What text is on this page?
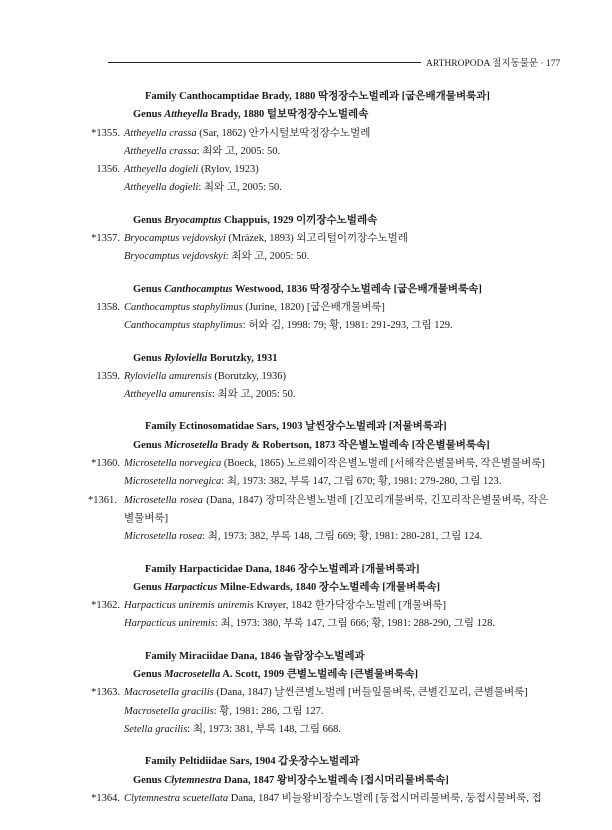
ARTHROPODA 절지동물문 · 177
Family Canthocamptidae Brady, 1880 딱정장수노벌레과 [굽은배개물벼룩과]
Genus Attheyella Brady, 1880 털보딱정장수노벌레속
*1355. Attheyella crassa (Sar, 1862) 안가시털보딱정장수노벌레
Attheyella crassa: 최와 고, 2005: 50.
1356. Attheyella dogieli (Rylov, 1923)
Attheyella dogieli: 최와 고, 2005: 50.
Genus Bryocamptus Chappuis, 1929 이끼장수노벌레속
*1357. Bryocamptus vejdovskyi (Mrázek, 1893) 외고리털이끼장수노벌레
Bryocamptus vejdovskyi: 최와 고, 2005: 50.
Genus Canthocamptus Westwood, 1836 딱정장수노벌레속 [굽은배개물벼룩속]
1358. Canthocamptus staphylimus (Jurine, 1820) [굽은배개물벼룩]
Canthocamptus staphylimus: 허와 김, 1998: 79; 황, 1981: 291-293, 그림 129.
Genus Ryloviella Borutzky, 1931
1359. Ryloviella amurensis (Borutzky, 1936)
Attheyella amurensis: 최와 고, 2005: 50.
Family Ectinosomatidae Sars, 1903 날씬장수노벌레과 [저물벼룩과]
Genus Microsetella Brady & Robertson, 1873 작은별노벌레속 [작은별물벼룩속]
*1360. Microsetella norvegica (Boeck, 1865) 노르웨이작은별노벌레 [서해작은별물벼룩, 작은별물벼룩]
Microsetella norvegica: 최, 1973: 382, 부록 147, 그림 670; 황, 1981: 279-280, 그림 123.
*1361. Microsetella rosea (Dana, 1847) 장미작은별노벌레 [긴꼬리개물벼룩, 긴꼬리작은별물벼룩, 작은별물벼룩]
Microsetella rosea: 최, 1973: 382, 부록 148, 그림 669; 황, 1981: 280-281, 그림 124.
Family Harpacticidae Dana, 1846 장수노벌레과 [개물벼룩과]
Genus Harpacticus Milne-Edwards, 1840 장수노벌레속 [개물벼룩속]
*1362. Harpacticus uniremis uniremis Krøyer, 1842 한가닥장수노벌레 [개물벼룩]
Harpacticus uniremis: 최, 1973: 380, 부록 147, 그림 666; 황, 1981: 288-290, 그림 128.
Family Miraciidae Dana, 1846 놀람장수노벌레과
Genus Macrosetella A. Scott, 1909 큰별노벌레속 [큰별물벼룩속]
*1363. Macrosetella gracilis (Dana, 1847) 날씬큰별노벌레 [버들잎물벼룩, 큰별긴꼬리, 큰별물벼룩]
Macrosetella gracilis: 황, 1981: 286, 그림 127.
Setella gracilis: 최, 1973: 381, 부록 148, 그림 668.
Family Peltidiidae Sars, 1904 갑옷장수노벌레과
Genus Clytemnestra Dana, 1847 왕비장수노벌레속 [접시머리물벼룩속]
*1364. Clytemnestra scuetellata Dana, 1847 비늘왕비장수노벌레 [둥접시머리물벼룩, 둥접시물벼룩, 접
